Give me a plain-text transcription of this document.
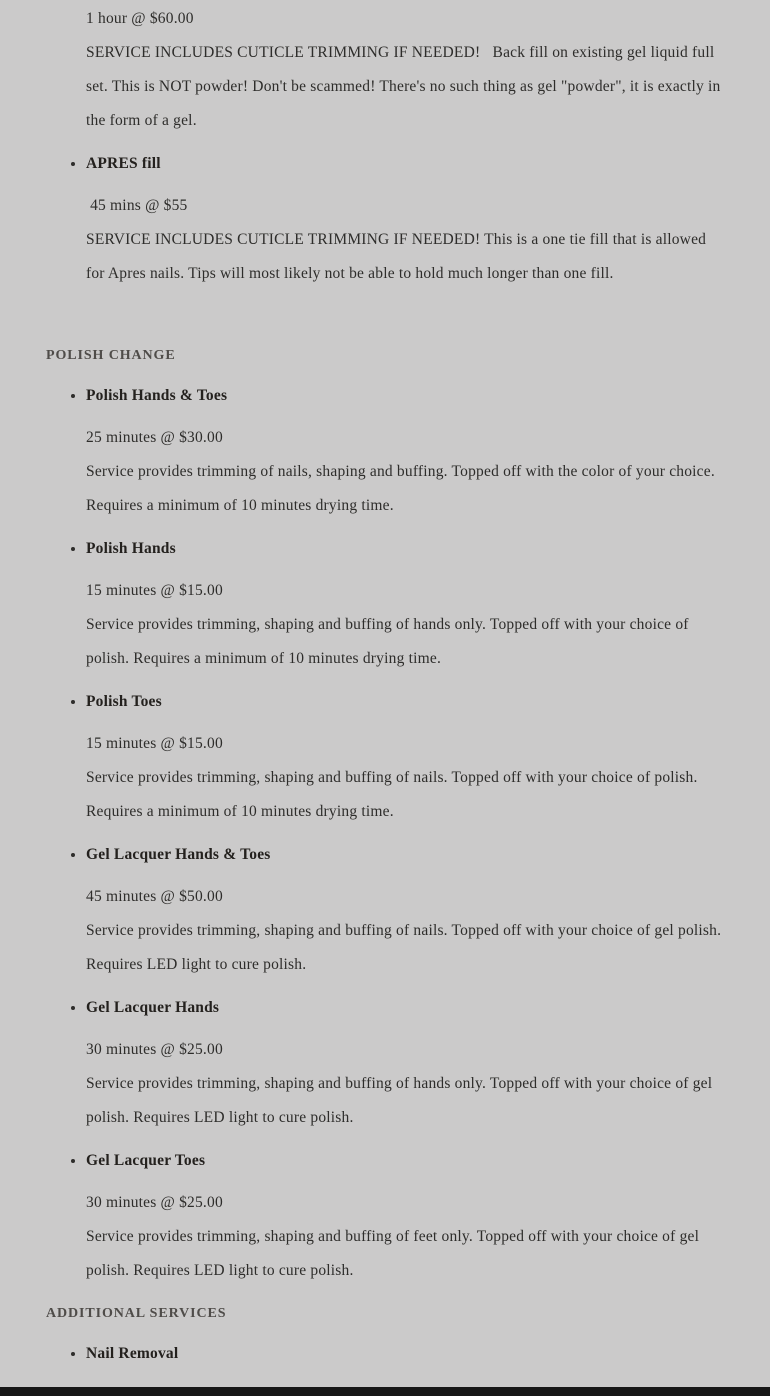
1 hour @ $60.00

SERVICE INCLUDES CUTICLE TRIMMING IF NEEDED!   Back fill on existing gel liquid full set. This is NOT powder! Don't be scammed! There's no such thing as gel "powder", it is exactly in the form of a gel.

• APRES fill

45 mins @ $55

SERVICE INCLUDES CUTICLE TRIMMING IF NEEDED! This is a one tie fill that is allowed for Apres nails. Tips will most likely not be able to hold much longer than one fill.

POLISH CHANGE

• Polish Hands & Toes

25 minutes @ $30.00

Service provides trimming of nails, shaping and buffing. Topped off with the color of your choice. Requires a minimum of 10 minutes drying time.

• Polish Hands

15 minutes @ $15.00

Service provides trimming, shaping and buffing of hands only. Topped off with your choice of polish. Requires a minimum of 10 minutes drying time.

• Polish Toes

15 minutes @ $15.00

Service provides trimming, shaping and buffing of nails. Topped off with your choice of polish. Requires a minimum of 10 minutes drying time.

• Gel Lacquer Hands & Toes

45 minutes @ $50.00

Service provides trimming, shaping and buffing of nails. Topped off with your choice of gel polish. Requires LED light to cure polish.

• Gel Lacquer Hands

30 minutes @ $25.00

Service provides trimming, shaping and buffing of hands only. Topped off with your choice of gel polish. Requires LED light to cure polish.

• Gel Lacquer Toes

30 minutes @ $25.00

Service provides trimming, shaping and buffing of feet only. Topped off with your choice of gel polish. Requires LED light to cure polish.

ADDITIONAL SERVICES

• Nail Removal
